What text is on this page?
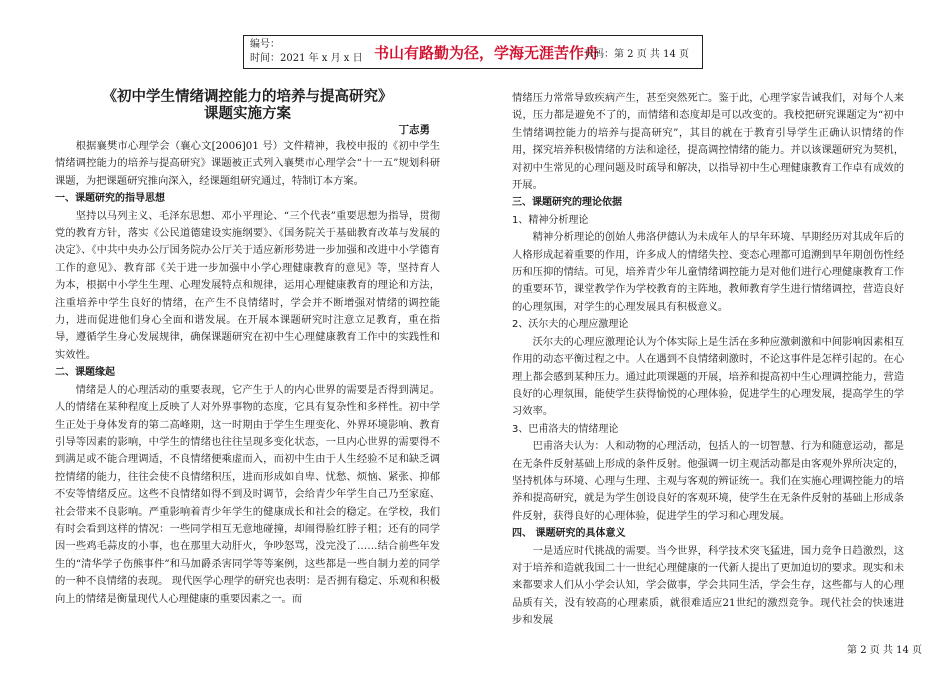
编号：
时间：2021 年 x 月 x 日 书山有路勤为径，学海无涯苦作舟
页码：第 2 页 共 14 页

《初中学生情绪调控能力的培养与提高研究》

课题实施方案

丁志勇

根据襄樊市心理学会（襄心文[2006]01 号）文件精神，我校申报的《初中学生情绪调控能力的培养与提高研究》课题被正式列入襄樊市心理学会“十一五”规划科研课题，为把课题研究推向深入，经课题组研究通过，特制订本方案。

一、课题研究的指导思想

坚持以马列主义、毛泽东思想、邓小平理论、“三个代表”重要思想为指导，贯彻党的教育方针，落实《公民道德建设实施纲要》、《国务院关于基础教育改革与发展的决定》、《中共中央办公厅国务院办公厅关于适应新形势进一步加强和改进中小学德育工作的意见》、教育部《关于进一步加强中小学心理健康教育的意见》等，坚持育人为本，根据中小学生生理、心理发展特点和规律，运用心理健康教育的理论和方法，注重培养中学生良好的情绪，在产生不良情绪时，学会并不断增强对情绪的调控能力，进而促进他们身心全面和谐发展。在开展本课题研究时注意立足教育，重在指导，遵循学生身心发展规律，确保课题研究在初中生心理健康教育工作中的实践性和实效性。

二、课题缘起

情绪是人的心理活动的重要表现，它产生于人的内心世界的需要是否得到满足。人的情绪在某种程度上反映了人对外界事物的态度，它具有复杂性和多样性。初中学生正处于身体发育的第二高峰期，这一时期由于学生生理变化、外界环境影响、教育引导等因素的影响，中学生的情绪也往往呈现多变化状态，一旦内心世界的需要得不到满足或不能合理调适，不良情绪便乘虚而入，而初中生由于人生经验不足和缺乏调控情绪的能力，往往会使不良情绪积压，进而形成如自卑、忧愁、烦恼、紧张、抑郁不安等情绪反应。这些不良情绪如得不到及时调节，会给青少年学生自己乃至家庭、社会带来不良影响。严重影响着青少年学生的健康成长和社会的稳定。在学校，我们有时会看到这样的情况：一些同学相互无意地碰撞，却闹得脸红脖子粗；还有的同学因一些鸡毛蒜皮的小事，也在那里大动肝火，争吵怒骂，没完没了……结合前些年发生的“清华学子伤熊事件”和马加爵杀害同学等等案例，这些都是一些自制力差的同学的一种不良情绪的表现。 现代医学心理学的研究也表明：是否拥有稳定、乐观和积极向上的情绪是衡量现代人心理健康的重要因素之一。而

情绪压力常常导致疾病产生，甚至突然死亡。鉴于此，心理学家告诫我们，对每个人来说，压力都是避免不了的，而情绪和态度却是可以改变的。我校把研究课题定为“初中生情绪调控能力的培养与提高研究”，其目的就在于教育引导学生正确认识情绪的作用，探究培养积极情绪的方法和途径，提高调控情绪的能力。并以该课题研究为契机，对初中生常见的心理问题及时疏导和解决，以指导初中生心理健康教育工作卓有成效的开展。

三、课题研究的理论依据

1、精神分析理论

精神分析理论的创始人弗洛伊德认为未成年人的早年环境、早期经历对其成年后的人格形成起着重要的作用，许多成人的情绪失控、变态心理都可追溯到早年期创伤性经历和压抑的情结。可见，培养青少年儿童情绪调控能力是对他们进行心理健康教育工作的重要环节，课堂教学作为学校教育的主阵地，教师教育学生进行情绪调控，营造良好的心理氛围，对学生的心理发展具有积极意义。

2、沃尔夫的心理应激理论

沃尔夫的心理应激理论认为个体实际上是生活在多种应激刺激和中间影响因素相互作用的动态平衡过程之中。人在遇到不良情绪刺激时，不论这事件是怎样引起的。在心理上都会感到某种压力。通过此项课题的开展，培养和提高初中生心理调控能力，营造良好的心理氛围，能使学生获得愉悦的心理体验，促进学生的心理发展，提高学生的学习效率。

3、巴甫洛夫的情绪理论

巴甫洛夫认为：人和动物的心理活动，包括人的一切智慧、行为和随意运动，都是在无条件反射基础上形成的条件反射。他强调一切主观活动都是由客观外界所决定的，坚持机体与环境、心理与生理、主观与客观的辨证统一。我们在实施心理调控能力的培养和提高研究，就是为学生创设良好的客观环境，使学生在无条件反射的基础上形成条件反射，获得良好的心理体验，促进学生的学习和心理发展。

四、 课题研究的具体意义

一是适应时代挑战的需要。当今世界，科学技术突飞猛进，国力竞争日趋激烈，这对于培养和造就我国二十一世纪心理健康的一代新人提出了更加迫切的要求。现实和未来都要求人们从小学会认知，学会做事，学会共同生活，学会生存，这些都与人的心理品质有关，没有较高的心理素质，就很难适应21世纪的激烈竞争。现代社会的快速进步和发展

第 2 页 共 14 页
